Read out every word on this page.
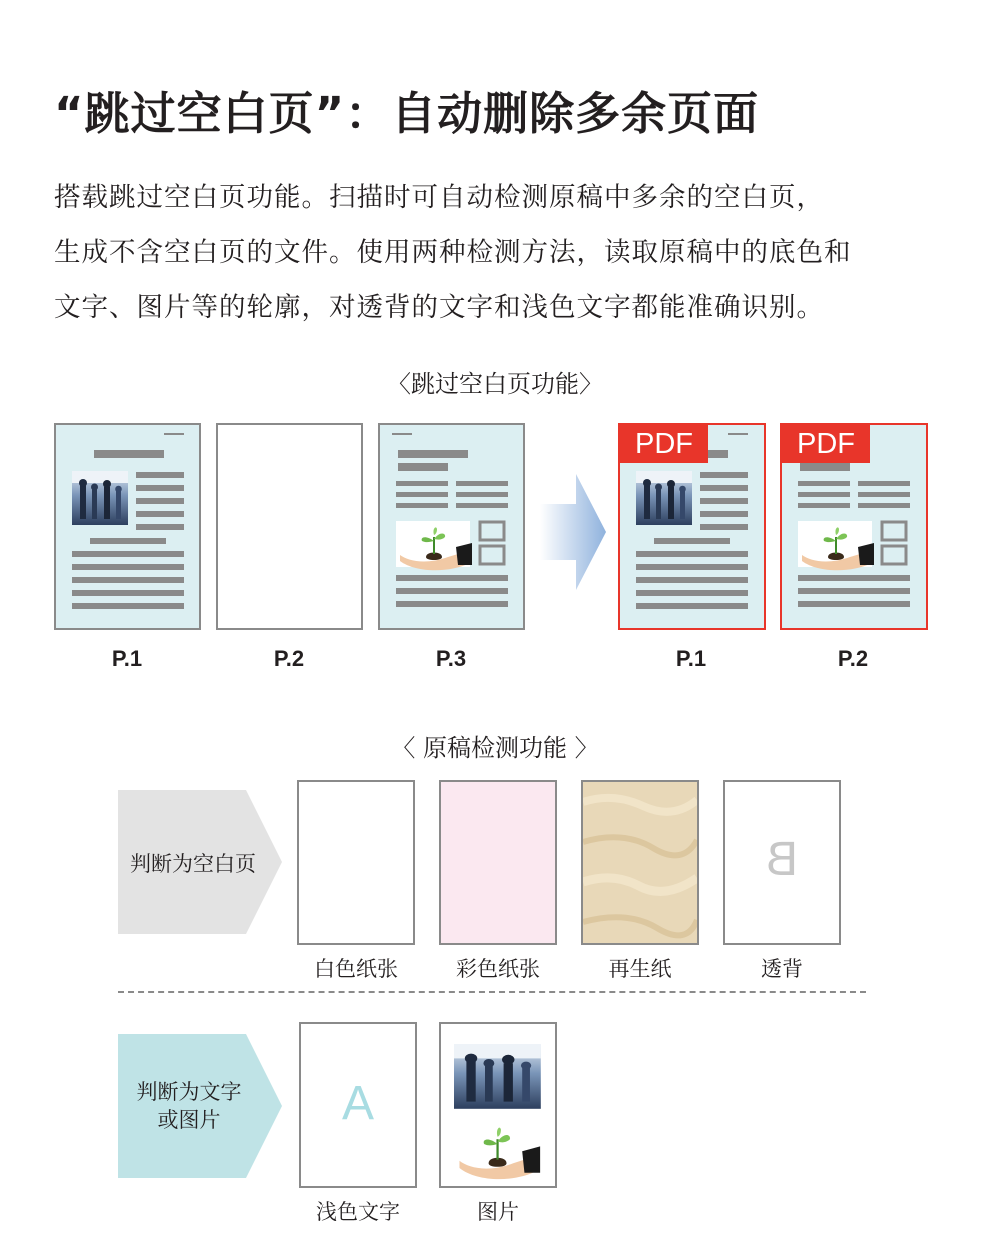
“跳过空白页”：自动删除多余页面
搭载跳过空白页功能。扫描时可自动检测原稿中多余的空白页，
生成不含空白页的文件。使用两种检测方法，读取原稿中的底色和
文字、图片等的轮廓，对透背的文字和浅色文字都能准确识别。
〈跳过空白页功能〉
P.1	P.2	P.3
PDF
P.1
PDF
P.2
〈 原稿检测功能 〉
判断为空白页
白色纸张	彩色纸张	再生纸
B
透背
判断为文字
或图片	A
浅色文字	图片
